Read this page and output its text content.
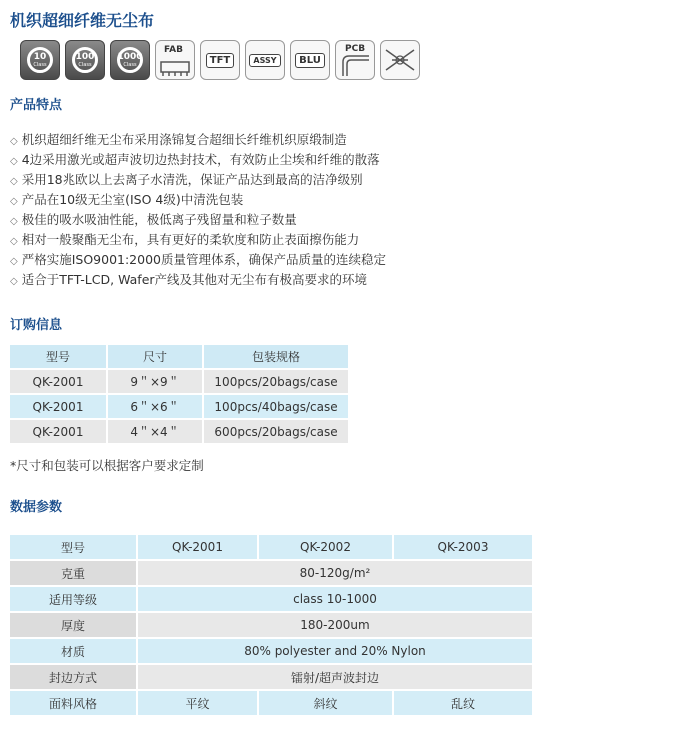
机织超细纤维无尘布
10
Class
100
Class
1000
Class
FAB
TFT	ASSY	BLU
PCB
产品特点
◇ 机织超细纤维无尘布采用涤锦复合超细长纤维机织原缎制造
◇ 4边采用激光或超声波切边热封技术，有效防止尘埃和纤维的散落
◇ 采用18兆欧以上去离子水清洗，保证产品达到最高的洁净级别
◇ 产品在10级无尘室(ISO 4级)中清洗包装
◇ 极佳的吸水吸油性能，极低离子残留量和粒子数量
◇ 相对一般聚酯无尘布，具有更好的柔软度和防止表面擦伤能力
◇ 严格实施ISO9001:2000质量管理体系，确保产品质量的连续稳定
◇ 适合于TFT-LCD, Wafer产线及其他对无尘布有极高要求的环境
订购信息
型号	尺寸	包装规格
QK-2001	9＂×9＂	100pcs/20bags/case
QK-2001	6＂×6＂	100pcs/40bags/case
QK-2001	4＂×4＂	600pcs/20bags/case
*尺寸和包装可以根据客户要求定制
数据参数
型号	QK-2001	QK-2002	QK-2003
克重	80-120g/m²		
适用等级	class 10-1000		
厚度	180-200um		
材质	80% polyester and 20% Nylon		
封边方式	镭射/超声波封边		
面料风格	平纹	斜纹	乱纹
